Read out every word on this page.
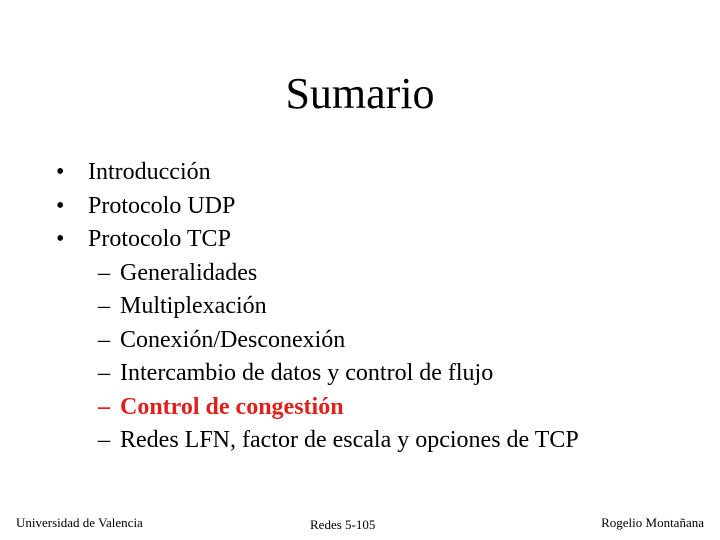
Sumario
• Introducción
• Protocolo UDP
• Protocolo TCP
– Generalidades
– Multiplexación
– Conexión/Desconexión
– Intercambio de datos y control de flujo
– Control de congestión
– Redes LFN, factor de escala y opciones de TCP
Universidad de Valencia	Redes 5-105	Rogelio Montañana
